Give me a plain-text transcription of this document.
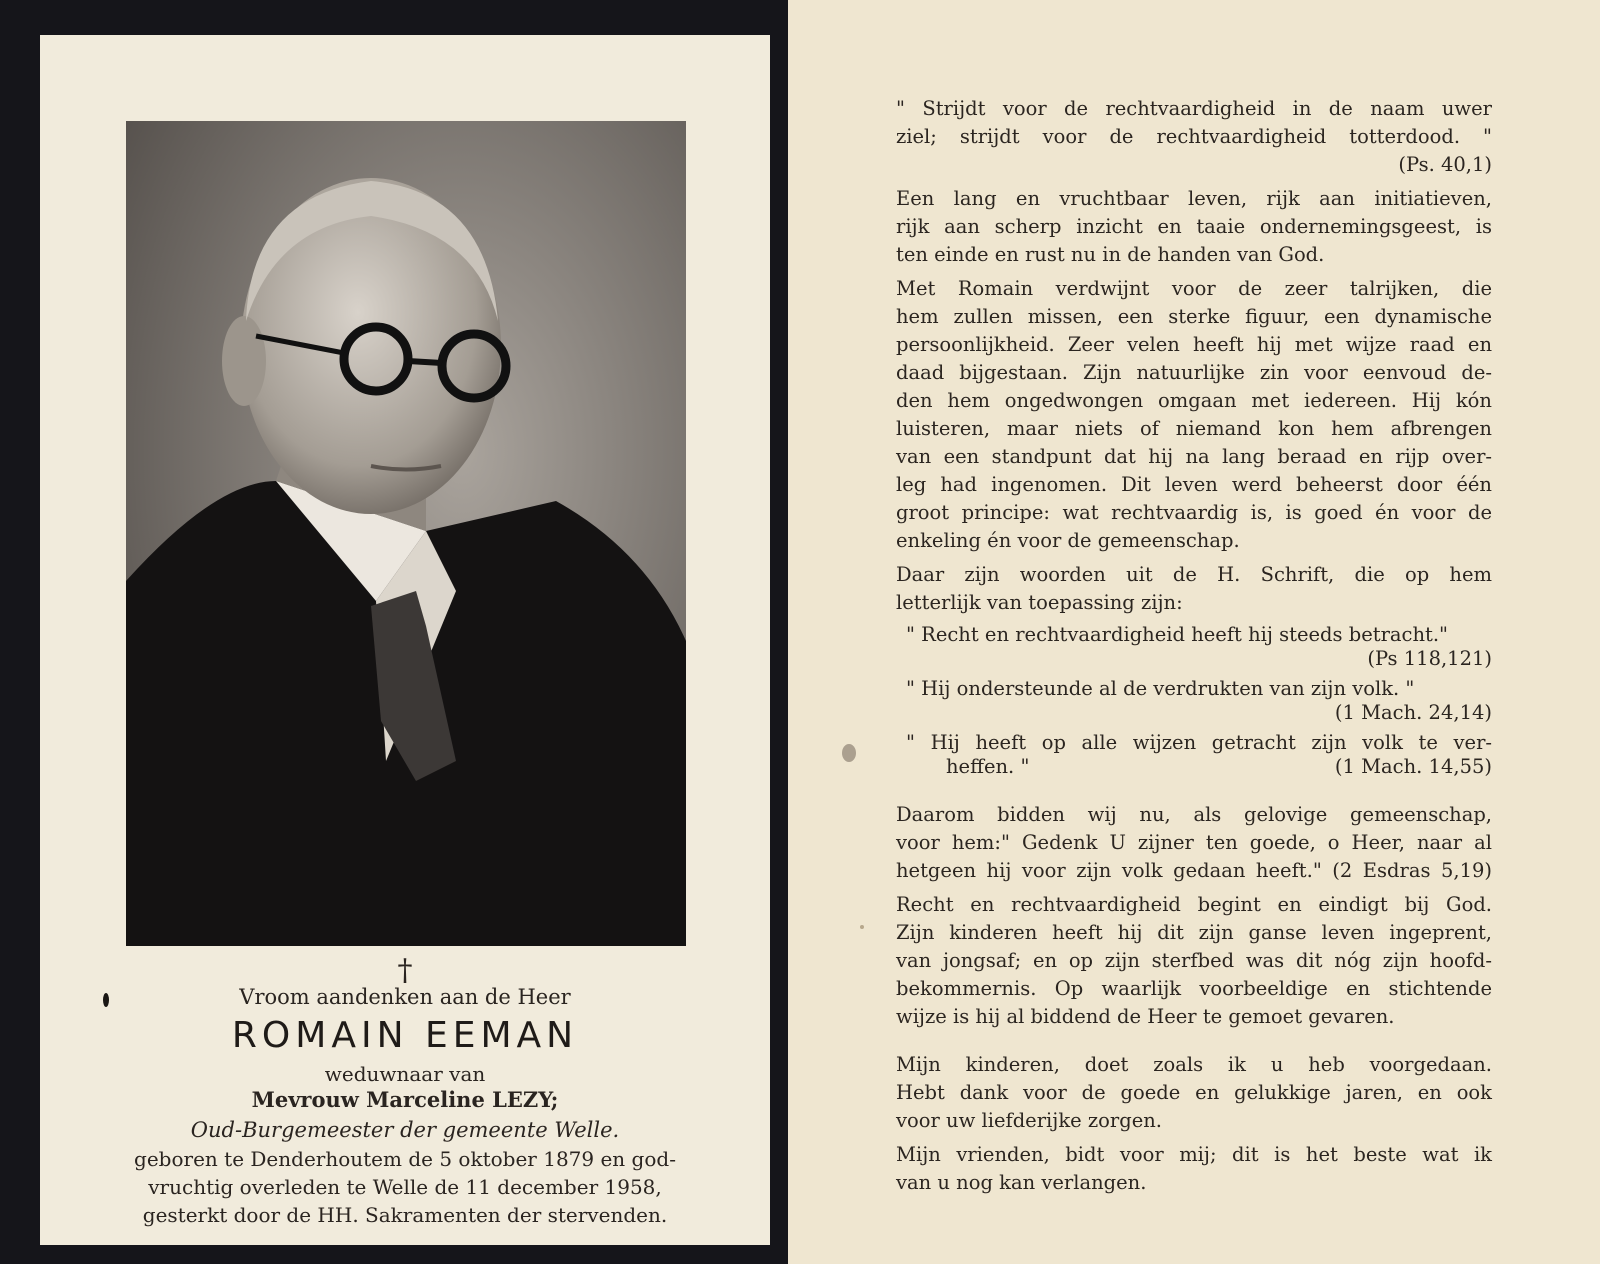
†
Vroom aandenken aan de Heer
ROMAIN EEMAN
weduwnaar van
Mevrouw Marceline LEZY;
Oud-Burgemeester der gemeente Welle.
geboren te Denderhoutem de 5 oktober 1879 en god-
vruchtig overleden te Welle de 11 december 1958,
gesterkt door de HH. Sakramenten der stervenden.
" Strijdt voor de rechtvaardigheid in de naam uwer
ziel; strijdt voor de rechtvaardigheid totterdood. "
(Ps. 40,1)
Een lang en vruchtbaar leven, rijk aan initiatieven,
rijk aan scherp inzicht en taaie ondernemingsgeest, is
ten einde en rust nu in de handen van God.
Met Romain verdwijnt voor de zeer talrijken, die
hem zullen missen, een sterke figuur, een dynamische
persoonlijkheid. Zeer velen heeft hij met wijze raad en
daad bijgestaan. Zijn natuurlijke zin voor eenvoud de-
den hem ongedwongen omgaan met iedereen. Hij kón
luisteren, maar niets of niemand kon hem afbrengen
van een standpunt dat hij na lang beraad en rijp over-
leg had ingenomen. Dit leven werd beheerst door één
groot principe: wat rechtvaardig is, is goed én voor de
enkeling én voor de gemeenschap.
Daar zijn woorden uit de H. Schrift, die op hem
letterlijk van toepassing zijn:
" Recht en rechtvaardigheid heeft hij steeds betracht."
(Ps 118,121)
" Hij ondersteunde al de verdrukten van zijn volk. "
(1 Mach. 24,14)
" Hij heeft op alle wijzen getracht zijn volk te ver-
heffen. "	(1 Mach. 14,55)
Daarom bidden wij nu, als gelovige gemeenschap,
voor hem:" Gedenk U zijner ten goede, o Heer, naar al
hetgeen hij voor zijn volk gedaan heeft." (2 Esdras 5,19)
Recht en rechtvaardigheid begint en eindigt bij God.
Zijn kinderen heeft hij dit zijn ganse leven ingeprent,
van jongsaf; en op zijn sterfbed was dit nóg zijn hoofd-
bekommernis. Op waarlijk voorbeeldige en stichtende
wijze is hij al biddend de Heer te gemoet gevaren.
Mijn kinderen, doet zoals ik u heb voorgedaan.
Hebt dank voor de goede en gelukkige jaren, en ook
voor uw liefderijke zorgen.
Mijn vrienden, bidt voor mij; dit is het beste wat ik
van u nog kan verlangen.
